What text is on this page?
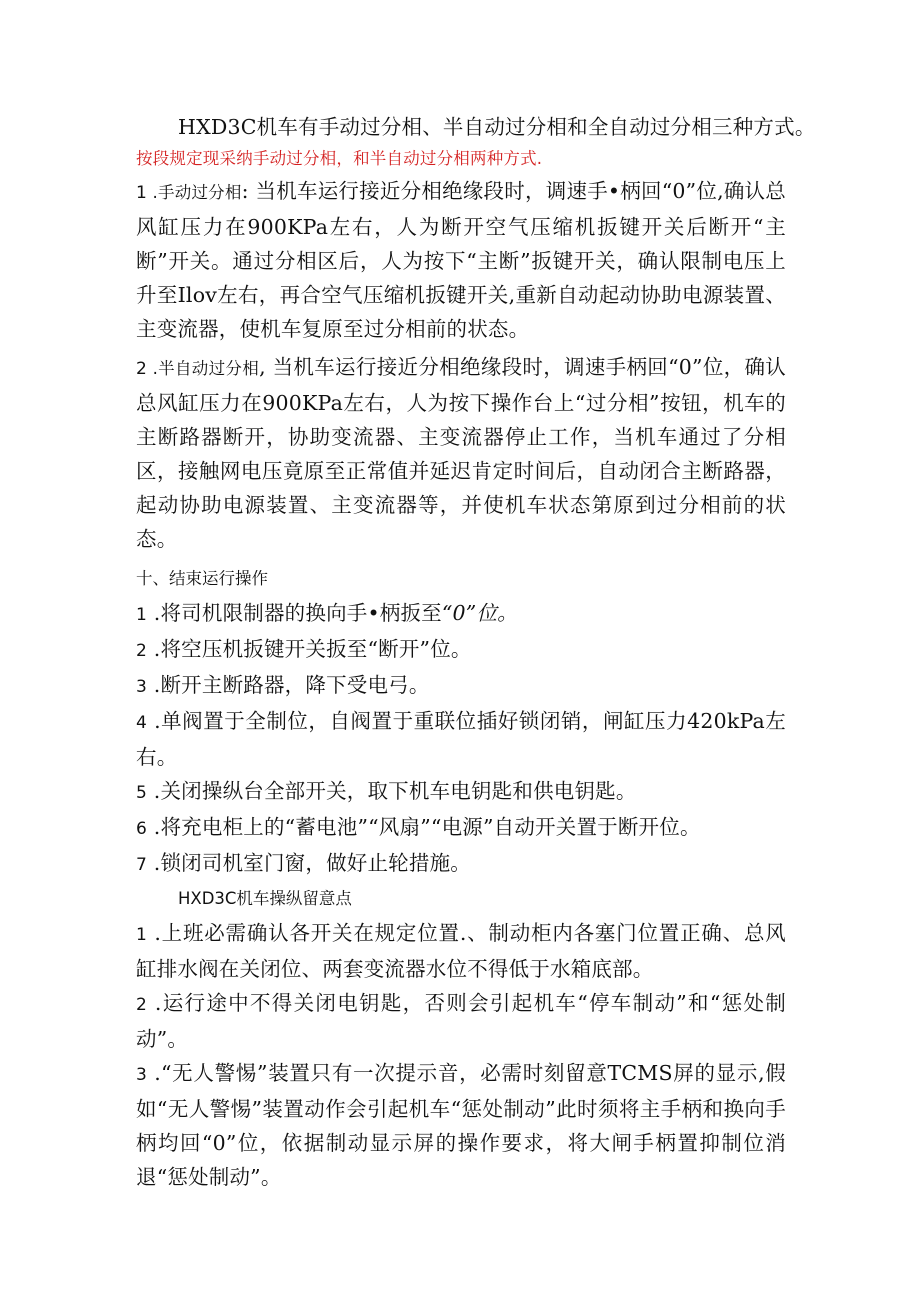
HXD3C机车有手动过分相、半自动过分相和全自动过分相三种方式。
按段规定现采纳手动过分相，和半自动过分相两种方式.

1 .手动过分相: 当机车运行接近分相绝缘段时，调速手•柄回“0”位,确认总风缸压力在900KPa左右，人为断开空气压缩机扳键开关后断开“主断”开关。通过分相区后，人为按下“主断”扳键开关，确认限制电压上升至Ilov左右，再合空气压缩机扳键开关,重新自动起动协助电源装置、主变流器，使机车复原至过分相前的状态。

2 .半自动过分相, 当机车运行接近分相绝缘段时，调速手柄回“0”位，确认总风缸压力在900KPa左右，人为按下操作台上“过分相”按钮，机车的主断路器断开，协助变流器、主变流器停止工作，当机车通过了分相区，接触网电压竟原至正常值并延迟肯定时间后，自动闭合主断路器，起动协助电源装置、主变流器等，并使机车状态第原到过分相前的状态。

十、结束运行操作
1 .将司机限制器的换向手•柄扳至“0”位。
2 .将空压机扳键开关扳至“断开”位。
3 .断开主断路器，降下受电弓。

4 .单阀置于全制位，自阀置于重联位插好锁闭销，闸缸压力420kPa左右。

5 .关闭操纵台全部开关，取下机车电钥匙和供电钥匙。
6 .将充电柜上的“蓄电池”“风扇”“电源”自动开关置于断开位。
7 .锁闭司机室门窗，做好止轮措施。
HXD3C机车操纵留意点

1 .上班必需确认各开关在规定位置.、制动柜内各塞门位置正确、总风缸排水阀在关闭位、两套变流器水位不得低于水箱底部。

2 .运行途中不得关闭电钥匙，否则会引起机车“停车制动”和“惩处制动”。

3 .“无人警惕”装置只有一次提示音，必需时刻留意TCMS屏的显示,假如“无人警惕”装置动作会引起机车“惩处制动”此时须将主手柄和换向手柄均回“0”位，依据制动显示屏的操作要求，将大闸手柄置抑制位消退“惩处制动”。
